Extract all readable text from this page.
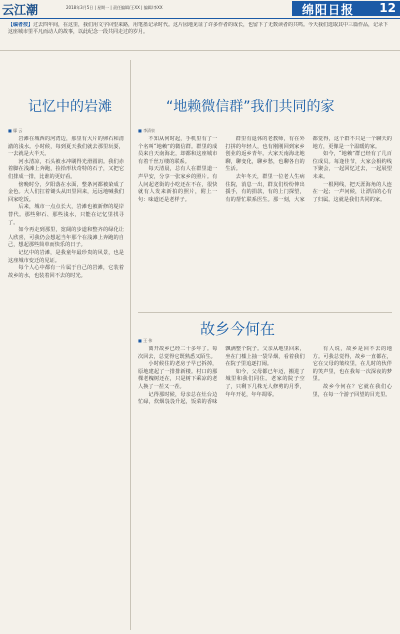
云江潮	2018年3月5日 | 星期一 | 责任编辑/王XX | 编辑/李XX	绵阳日报 12
【编者按】过去四年间，在这里，我们用文字回望来路，用笔墨记录时代。这片园地见证了许多作者的成长，也留下了无数读者的共鸣。今天我们选取其中三篇作品，记录下这座城市里平凡而动人的故事，以此纪念一段共同走过的岁月。
记忆中的岩滩
■ 鄢 云

岩滩在城西的河湾边，那里有大片的卵石和清澈的浅水。小时候，每到夏天我们就去那里玩耍，一去就是大半天。

河水清凉，石头被水冲刷得光滑圆润。我们赤着脚在浅滩上奔跑，捡拾形状奇特的石子，又把它们排成一排，比谁的更好看。

傍晚时分，夕阳落在水面，整条河都被染成了金色。大人们扛着锄头从田里回来，远远地喊我们回家吃饭。

后来，城市一点点长大，岩滩也被新修的堤岸替代。那些卵石、那些浅水，只能在记忆里找寻了。

如今再走到那里，宽阔的步道和整齐的绿化让人欣喜，可我仍会想起当年那个在浅滩上奔跑的自己，想起那些简单而快乐的日子。

记忆中的岩滩，是我童年最珍贵的风景，也是这座城市变迁的见证。

每个人心中都有一片属于自己的岩滩，它装着故乡的水，也装着回不去的时光。

“地赖微信群”我们共同的家
■ 李清泉

不知从何时起，手机里有了一个名叫“地赖”的微信群。群里的成员来自天南海北，却都和这座城市有着千丝万缕的联系。

每天清晨，总有人在群里道一声早安，分享一张家乡的照片。有人问起老街的小吃还在不在，很快就有人发来新拍的照片，附上一句：味道还是老样子。

群里有退休的老教师，有在外打拼的年轻人，也有刚刚回到家乡创业的返乡青年。大家天南海北地聊，聊变化，聊乡愁，也聊各自的生活。

去年冬天，群里一位老人生病住院，消息一出，群友们纷纷伸出援手，有的捐款，有的上门探望，有的帮忙联系医生。那一刻，大家都觉得，这个群不只是一个聊天的地方，更像是一个温暖的家。

如今，“地赖”群已经有了几百位成员。每逢佳节，大家会相约线下聚会，一起回忆过去，一起展望未来。

一根网线，把天涯海角的人连在一起；一声问候，让漂泊的心有了归属。这就是我们共同的家。

故乡今何在
■ 王 伟

离开故乡已经二十多年了。每次回去，总觉得它既熟悉又陌生。

小时候住的老房子早已拆掉，原地建起了一排排新楼。村口的那棵老槐树还在，只是树下乘凉的老人换了一茬又一茬。

记得那时候，母亲总在灶台边忙碌，炊烟袅袅升起，饭菜的香味飘满整个院子。父亲从地里回来，坐在门槛上抽一袋旱烟，看着我们在院子里追逐打闹。

如今，父母都已年迈，搬进了城里和我们同住。老家的院子空了，只剩下几株无人修剪的月季，年年开花，年年凋零。

有人说，故乡是回不去的地方。可我总觉得，故乡一直都在，它在父母的皱纹里，在儿时的伙伴的笑声里，也在我每一次深夜的梦里。

故乡今何在？它就在我们心里，在每一个游子回望的目光里。
